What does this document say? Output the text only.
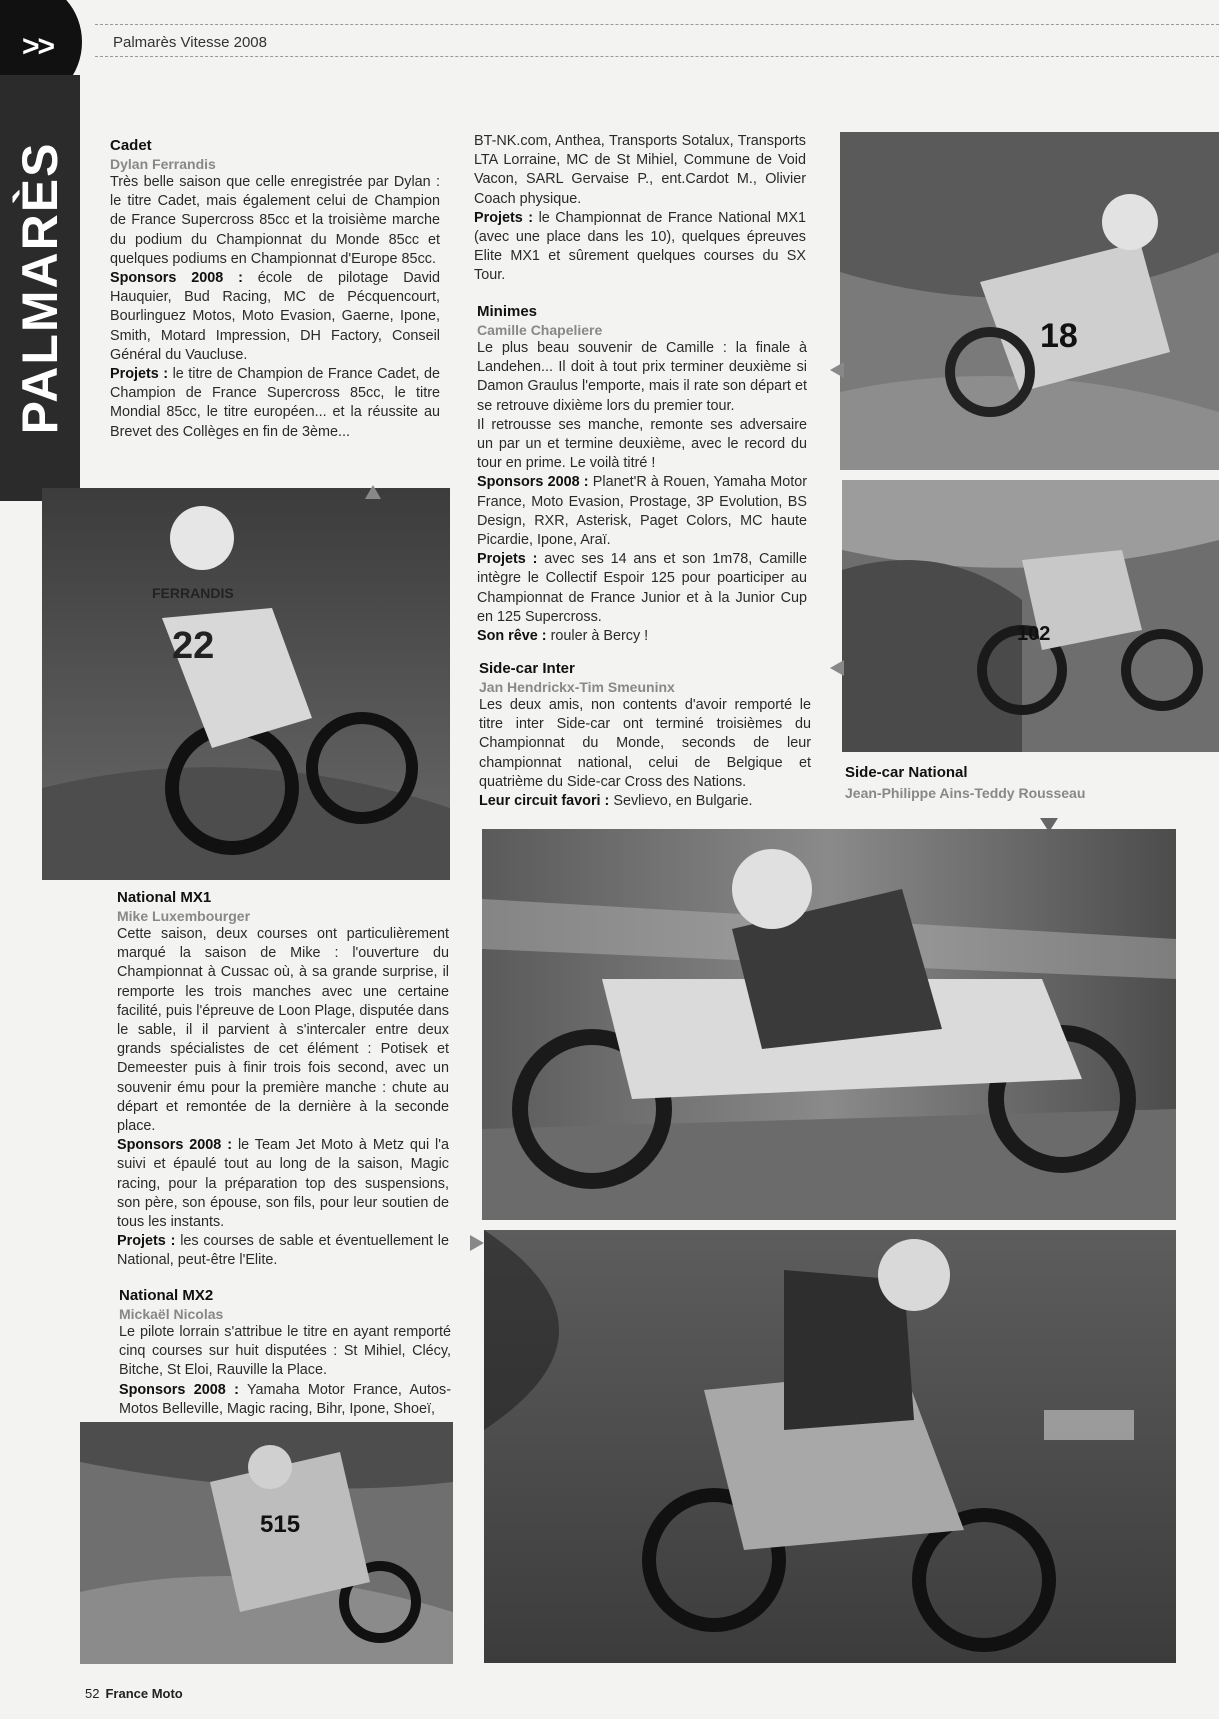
>>	Palmarès Vitesse 2008
PALMARÈS	Cadet
Dylan Ferrandis

Très belle saison que celle enregistrée par Dylan : le titre Cadet, mais également celui de Champion de France Supercross 85cc et la troisième marche du podium du Championnat du Monde 85cc et quelques podiums en Championnat d'Europe 85cc.

Sponsors 2008 : école de pilotage David Hauquier, Bud Racing, MC de Pécquencourt, Bourlinguez Motos, Moto Evasion, Gaerne, Ipone, Smith, Motard Impression, DH Factory, Conseil Général du Vaucluse.

Projets : le titre de Champion de France Cadet, de Champion de France Supercross 85cc, le titre Mondial 85cc, le titre européen... et la réussite au Brevet des Collèges en fin de 3ème...

BT-NK.com, Anthea, Transports Sotalux, Transports LTA Lorraine, MC de St Mihiel, Commune de Void Vacon, SARL Gervaise P., ent.Cardot M., Olivier Coach physique.

Projets : le Championnat de France National MX1 (avec une place dans les 10), quelques épreuves Elite MX1 et sûrement quelques courses du SX Tour.

Minimes
Camille Chapeliere

Le plus beau souvenir de Camille : la finale à Landehen... Il doit à tout prix terminer deuxième si Damon Graulus l'emporte, mais il rate son départ et se retrouve dixième lors du premier tour.

Il retrousse ses manche, remonte ses adversaire un par un et termine deuxième, avec le record du tour en prime. Le voilà titré !

Sponsors 2008 : Planet'R à Rouen, Yamaha Motor France, Moto Evasion, Prostage, 3P Evolution, BS Design, RXR, Asterisk, Paget Colors, MC haute Picardie, Ipone, Araï.

Projets : avec ses 14 ans et son 1m78, Camille intègre le Collectif Espoir 125 pour poarticiper au Championnat de France Junior et à la Junior Cup en 125 Supercross.

Son rêve : rouler à Bercy !

Side-car Inter
Jan Hendrickx-Tim Smeuninx

Les deux amis, non contents d'avoir remporté le titre inter Side-car ont terminé troisièmes du Championnat du Monde, seconds de leur championnat national, celui de Belgique et quatrième du Side-car Cross des Nations.

Leur circuit favori : Sevlievo, en Bulgarie.

Side-car National
Jean-Philippe Ains-Teddy Rousseau
National MX1
Mike Luxembourger

Cette saison, deux courses ont particulièrement marqué la saison de Mike : l'ouverture du Championnat à Cussac où, à sa grande surprise, il remporte les trois manches avec une certaine facilité, puis l'épreuve de Loon Plage, disputée dans le sable, il il parvient à s'intercaler entre deux grands spécialistes de cet élément : Potisek et Demeester puis à finir trois fois second, avec un souvenir ému pour la première manche : chute au départ et remontée de la dernière à la seconde place.

Sponsors 2008 : le Team Jet Moto à Metz qui l'a suivi et épaulé tout au long de la saison, Magic racing, pour la préparation top des suspensions, son père, son épouse, son fils, pour leur soutien de tous les instants.

Projets : les courses de sable et éventuellement le National, peut-être l'Elite.

National MX2
Mickaël Nicolas

Le pilote lorrain s'attribue le titre en ayant remporté cinq courses sur huit disputées : St Mihiel, Clécy, Bitche, St Eloi, Rauville la Place.

Sponsors 2008 : Yamaha Motor France, Autos-Motos Belleville, Magic racing, Bihr, Ipone, Shoeï,

22
FERRANDIS
18
102
515
52 France Moto
